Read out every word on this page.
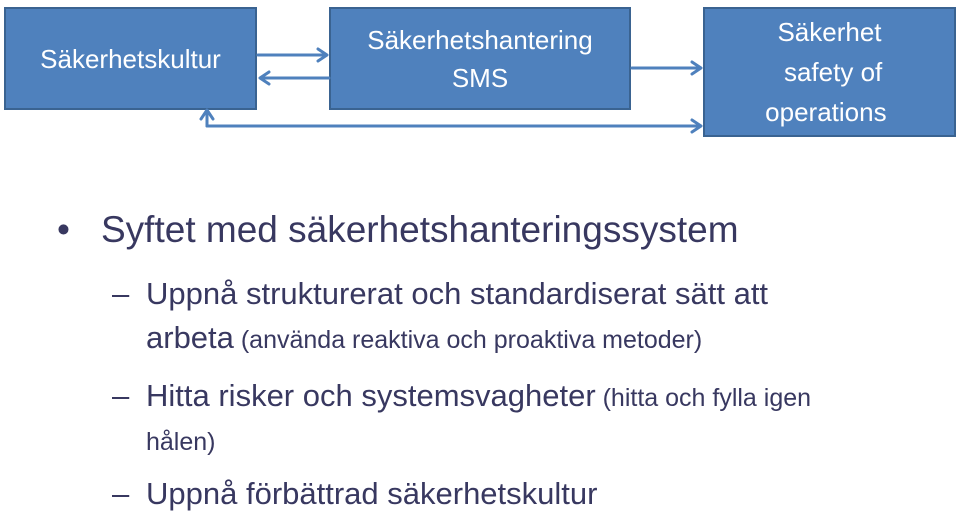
Säkerhetskultur
Säkerhetshantering
SMS
Säkerhet
safety of
operations
• Syftet med säkerhetshanteringssystem
– Uppnå strukturerat och standardiserat sätt att
arbeta (använda reaktiva och proaktiva metoder)
– Hitta risker och systemsvagheter (hitta och fylla igen
hålen)
– Uppnå förbättrad säkerhetskultur
